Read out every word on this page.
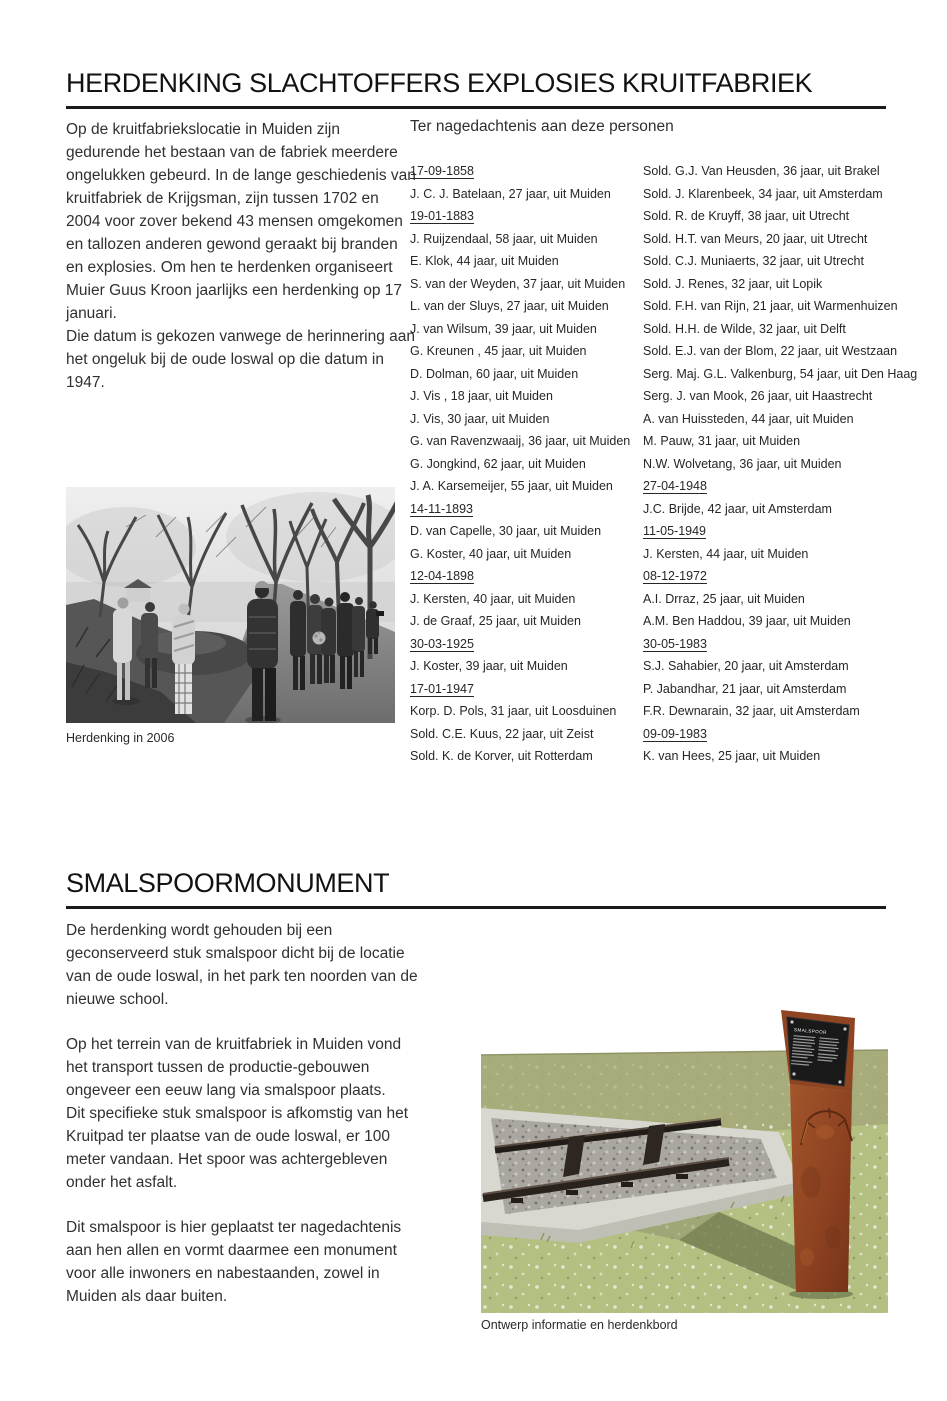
HERDENKING SLACHTOFFERS EXPLOSIES KRUITFABRIEK
Op de kruitfabriekslocatie in Muiden zijn gedurende het bestaan van de fabriek meerdere ongelukken gebeurd. In de lange geschiedenis van kruitfabriek de Krijgsman, zijn tussen 1702 en 2004 voor zover bekend 43 mensen omgekomen en tallozen anderen gewond geraakt bij branden en explosies. Om hen te herdenken organiseert Muier Guus Kroon jaarlijks een herdenking op 17 januari.
Die datum is gekozen vanwege de herinnering aan het ongeluk bij de oude loswal op die datum in 1947.
Ter nagedachtenis aan deze personen
17-09-1858
J. C. J. Batelaan, 27 jaar, uit Muiden
19-01-1883
J. Ruijzendaal, 58 jaar, uit Muiden
E. Klok, 44 jaar, uit Muiden
S. van der Weyden, 37 jaar, uit Muiden
L. van der Sluys, 27 jaar, uit Muiden
J. van Wilsum, 39 jaar, uit Muiden
G. Kreunen , 45 jaar, uit Muiden
D. Dolman, 60 jaar, uit Muiden
J. Vis , 18 jaar, uit Muiden
J. Vis, 30 jaar, uit Muiden
G. van Ravenzwaaij, 36 jaar, uit Muiden
G. Jongkind, 62 jaar, uit Muiden
J. A. Karsemeijer, 55 jaar, uit Muiden
14-11-1893
D. van Capelle, 30 jaar, uit Muiden
G. Koster, 40 jaar, uit Muiden
12-04-1898
J. Kersten, 40 jaar, uit Muiden
J. de Graaf, 25 jaar, uit Muiden
30-03-1925
J. Koster, 39 jaar, uit Muiden
17-01-1947
Korp. D. Pols, 31 jaar, uit Loosduinen
Sold. C.E. Kuus, 22 jaar, uit Zeist
Sold. K. de Korver, uit Rotterdam
Sold. G.J. Van Heusden, 36 jaar, uit Brakel
Sold. J. Klarenbeek, 34 jaar, uit Amsterdam
Sold. R. de Kruyff, 38 jaar, uit Utrecht
Sold. H.T. van Meurs, 20 jaar, uit Utrecht
Sold. C.J. Muniaerts, 32 jaar, uit Utrecht
Sold. J. Renes, 32 jaar, uit Lopik
Sold. F.H. van Rijn, 21 jaar, uit Warmenhuizen
Sold. H.H. de Wilde, 32 jaar, uit Delft
Sold. E.J. van der Blom, 22 jaar, uit Westzaan
Serg. Maj. G.L. Valkenburg, 54 jaar, uit Den Haag
Serg. J. van Mook, 26 jaar, uit Haastrecht
A. van Huissteden, 44 jaar, uit Muiden
M. Pauw, 31 jaar, uit Muiden
N.W. Wolvetang, 36 jaar, uit Muiden
27-04-1948
J.C. Brijde, 42 jaar, uit Amsterdam
11-05-1949
J. Kersten, 44 jaar, uit Muiden
08-12-1972
A.I. Drraz, 25 jaar, uit Muiden
A.M. Ben Haddou, 39 jaar, uit Muiden
30-05-1983
S.J. Sahabier, 20 jaar, uit Amsterdam
P. Jabandhar, 21 jaar, uit Amsterdam
F.R. Dewnarain, 32 jaar, uit Amsterdam
09-09-1983
K. van Hees, 25 jaar, uit Muiden
Herdenking in 2006
SMALSPOORMONUMENT
De herdenking wordt gehouden bij een geconserveerd stuk smalspoor dicht bij de locatie van de oude loswal, in het park ten noorden van de nieuwe school.
Op het terrein van de kruitfabriek in Muiden vond het transport tussen de productie-gebouwen ongeveer een eeuw lang via smalspoor plaats.
Dit specifieke stuk smalspoor is afkomstig van het Kruitpad ter plaatse van de oude loswal, er 100 meter vandaan. Het spoor was achtergebleven onder het asfalt.
Dit smalspoor is hier geplaatst ter nagedachtenis aan hen allen en vormt daarmee een monument voor alle inwoners en nabestaanden, zowel in Muiden als daar buiten.
SMALSPOOR
Ontwerp informatie en herdenkbord
